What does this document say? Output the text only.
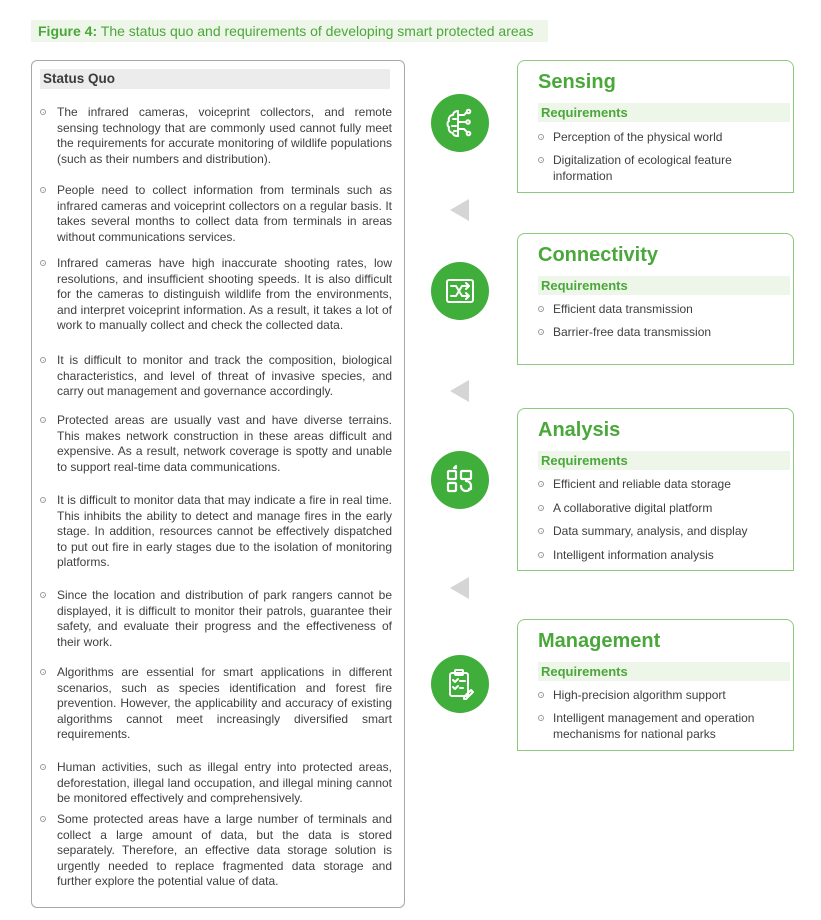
Figure 4: The status quo and requirements of developing smart protected areas
Status Quo
The infrared cameras, voiceprint collectors, and remote sensing technology that are commonly used cannot fully meet the requirements for accurate monitoring of wildlife populations (such as their numbers and distribution).
People need to collect information from terminals such as infrared cameras and voiceprint collectors on a regular basis. It takes several months to collect data from terminals in areas without communications services.
Infrared cameras have high inaccurate shooting rates, low resolutions, and insufficient shooting speeds. It is also difficult for the cameras to distinguish wildlife from the environments, and interpret voiceprint information. As a result, it takes a lot of work to manually collect and check the collected data.
It is difficult to monitor and track the composition, biological characteristics, and level of threat of invasive species, and carry out management and governance accordingly.
Protected areas are usually vast and have diverse terrains. This makes network construction in these areas difficult and expensive. As a result, network coverage is spotty and unable to support real-time data communications.
It is difficult to monitor data that may indicate a fire in real time. This inhibits the ability to detect and manage fires in the early stage. In addition, resources cannot be effectively dispatched to put out fire in early stages due to the isolation of monitoring platforms.
Since the location and distribution of park rangers cannot be displayed, it is difficult to monitor their patrols, guarantee their safety, and evaluate their progress and the effectiveness of their work.
Algorithms are essential for smart applications in different scenarios, such as species identification and forest fire prevention. However, the applicability and accuracy of existing algorithms cannot meet increasingly diversified smart requirements.
Human activities, such as illegal entry into protected areas, deforestation, illegal land occupation, and illegal mining cannot be monitored effectively and comprehensively.
Some protected areas have a large number of terminals and collect a large amount of data, but the data is stored separately. Therefore, an effective data storage solution is urgently needed to replace fragmented data storage and further explore the potential value of data.
Sensing
Requirements
Perception of the physical world
Digitalization of ecological feature information
Connectivity
Requirements
Efficient data transmission
Barrier-free data transmission
Analysis
Requirements
Efficient and reliable data storage
A collaborative digital platform
Data summary, analysis, and display
Intelligent information analysis
Management
Requirements
High-precision algorithm support
Intelligent management and operation mechanisms for national parks
